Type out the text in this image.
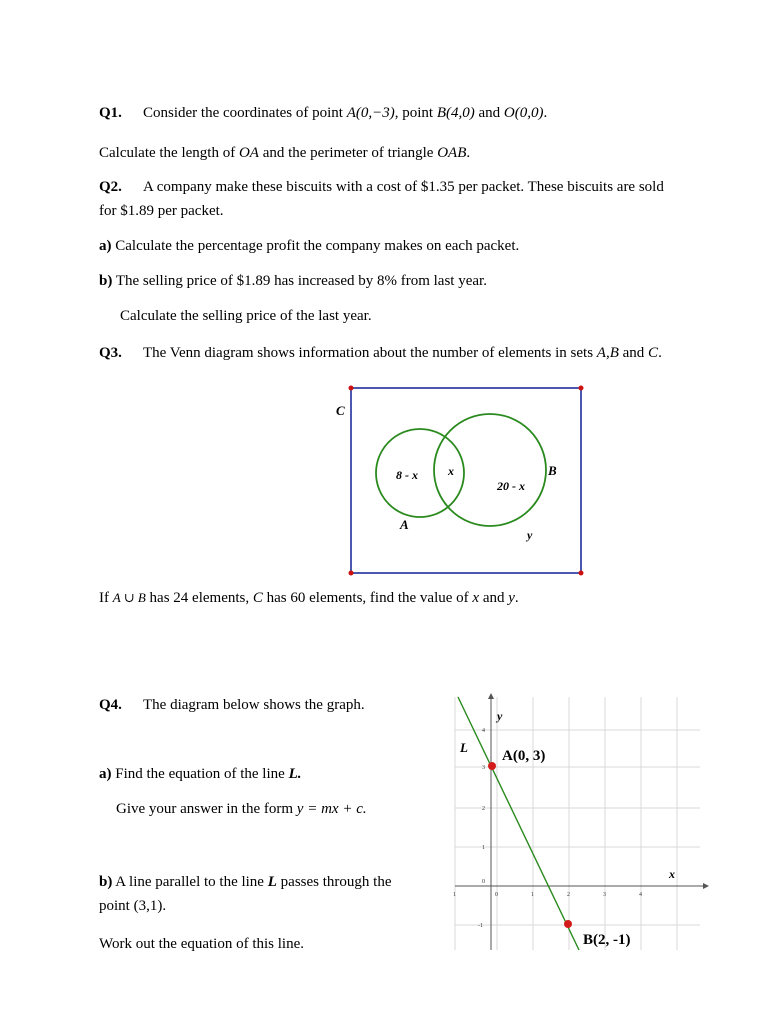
Q1. Consider the coordinates of point A(0,−3), point B(4,0) and O(0,0).
Calculate the length of OA and the perimeter of triangle OAB.
Q2. A company make these biscuits with a cost of $1.35 per packet. These biscuits are sold
for $1.89 per packet.
a) Calculate the percentage profit the company makes on each packet.
b) The selling price of $1.89 has increased by 8% from last year.
Calculate the selling price of the last year.
Q3. The Venn diagram shows information about the number of elements in sets A,B and C.
C
A
B
8 - x	x
20 - x
y
If A ∪ B has 24 elements, C has 60 elements, find the value of x and y.
Q4. The diagram below shows the graph.
a) Find the equation of the line L.
Give your answer in the form y = mx + c.
b) A line parallel to the line L passes through the
point (3,1).
Work out the equation of this line.
1	0	1	2	3	4
4
3
2
1
0
-1
L
y
x
A(0, 3)
B(2, -1)
